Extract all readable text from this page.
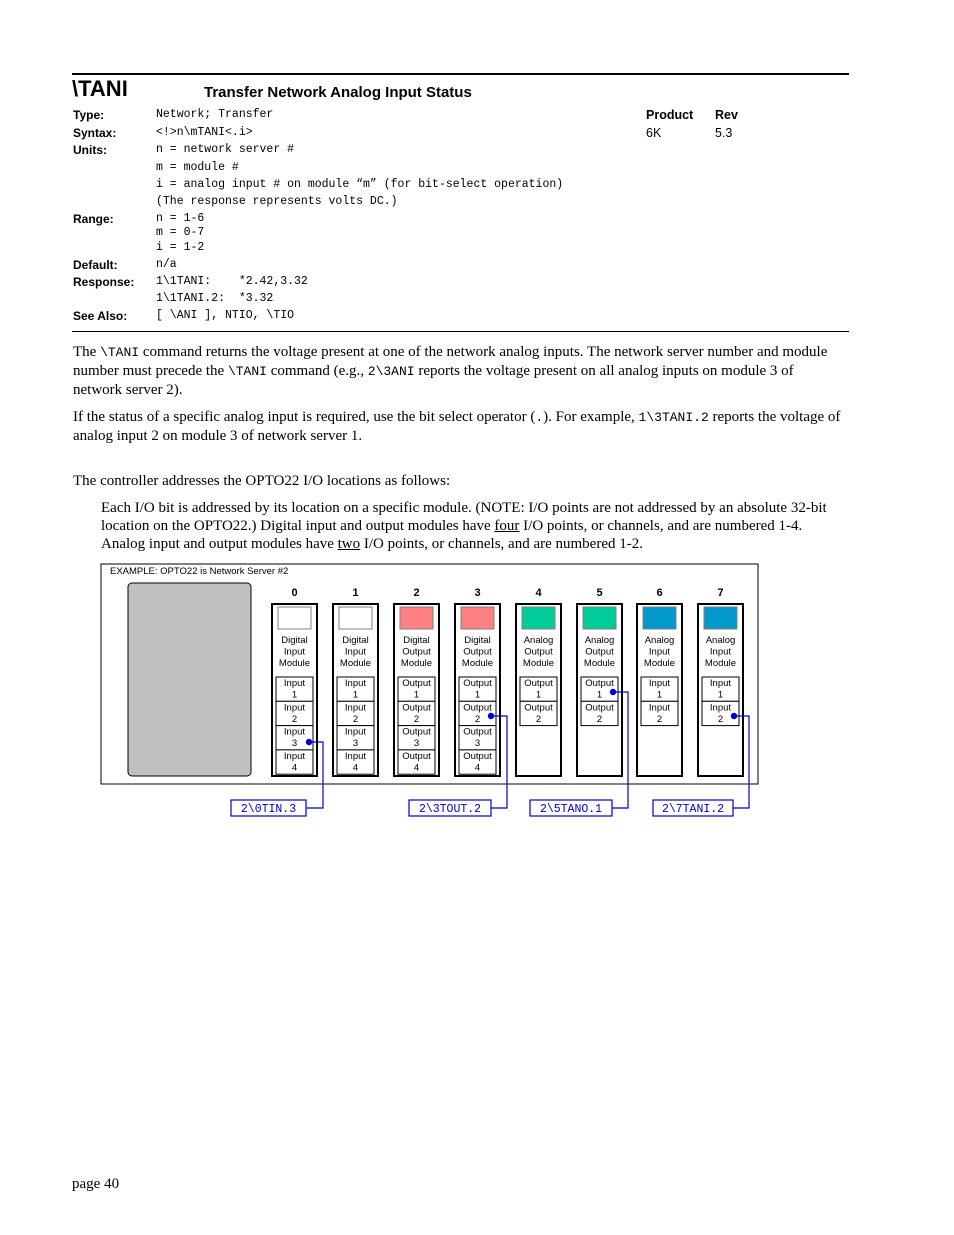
\TANI	Transfer Network Analog Input Status
Product Rev
6K	5.3
Type:	Network; Transfer
Syntax:	<!>n\mTANI<.i>
Units:	n = network server #
m = module #
i = analog input # on module “m” (for bit-select operation)
(The response represents volts DC.)
Range:	n = 1-6
m = 0-7
i = 1-2
Default:	n/a
Response: 1\1TANI:    *2.42,3.32
1\1TANI.2:  *3.32
See Also:	[ \ANI ], NTIO, \TIO
The \TANI command returns the voltage present at one of the network analog inputs. The network server number and module number must precede the \TANI command (e.g., 2\3ANI reports the voltage present on all analog inputs on module 3 of network server 2).
If the status of a specific analog input is required, use the bit select operator (.). For example, 1\3TANI.2 reports the voltage of analog input 2 on module 3 of network server 1.
The controller addresses the OPTO22 I/O locations as follows:
Each I/O bit is addressed by its location on a specific module. (NOTE: I/O points are not addressed by an absolute 32-bit location on the OPTO22.) Digital input and output modules have four I/O points, or channels, and are numbered 1-4. Analog input and output modules have two I/O points, or channels, and are numbered 1-2.
EXAMPLE: OPTO22 is Network Server #2
0
Digital
Input
Module
Input
1
Input
2
Input
3
Input
4
1
Digital
Input
Module
Input
1
Input
2
Input
3
Input
4
2
Digital
Output
Module
Output
1
Output
2
Output
3
Output
4
3
Digital
Output
Module
Output
1
Output
2
Output
3
Output
4
4
Analog
Output
Module
Output
1
Output
2
5
Analog
Output
Module
Output
1
Output
2
6
Analog
Input
Module
Input
1
Input
2
7
Analog
Input
Module
Input
1
Input
2
2\0TIN.3	2\3TOUT.2	2\5TANO.1	2\7TANI.2
page 40
